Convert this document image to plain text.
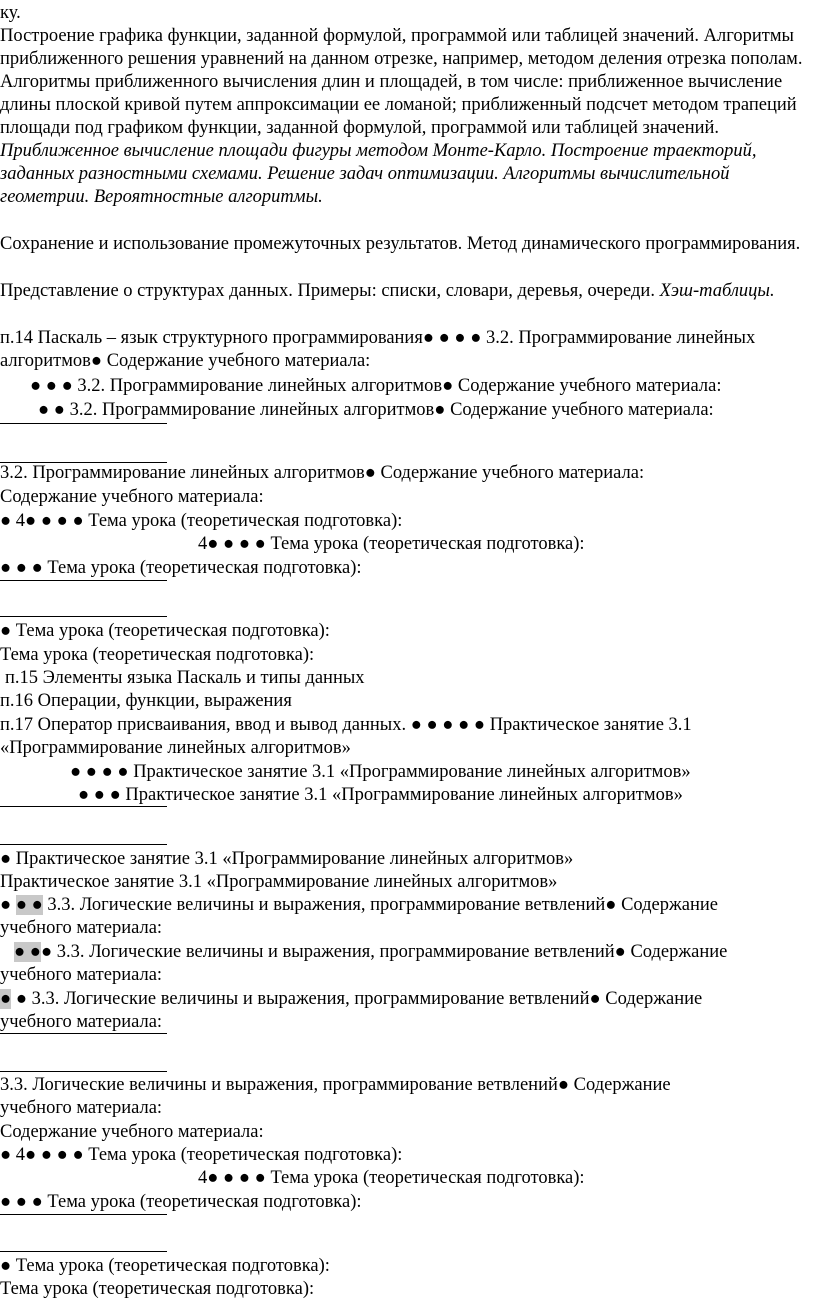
ку.
Построение графика функции, заданной формулой, программой или таблицей значений. Алгоритмы приближенного решения уравнений на данном отрезке, например, методом деления отрезка пополам. Алгоритмы приближенного вычисления длин и площадей, в том числе: приближенное вычисление длины плоской кривой путем аппроксимации ее ломаной; приближенный подсчет методом трапеций площади под графиком функции, заданной формулой, программой или таблицей значений. Приближенное вычисление площади фигуры методом Монте-Карло. Построение траекторий, заданных разностными схемами. Решение задач оптимизации. Алгоритмы вычислительной геометрии. Вероятностные алгоритмы.
Сохранение и использование промежуточных результатов. Метод динамического программирования.
Представление о структурах данных. Примеры: списки, словари, деревья, очереди. Хэш-таблицы.
п.14 Паскаль – язык структурного программирования● ● ● ● 3.2. Программирование линейных алгоритмов● Содержание учебного материала:
● ● ● 3.2. Программирование линейных алгоритмов● Содержание учебного материала:
● ● 3.2. Программирование линейных алгоритмов● Содержание учебного материала:
3.2. Программирование линейных алгоритмов● Содержание учебного материала:
Содержание учебного материала:
● 4● ● ● ● Тема урока (теоретическая подготовка):
4● ● ● ● Тема урока (теоретическая подготовка):
● ● ● Тема урока (теоретическая подготовка):
● Тема урока (теоретическая подготовка):
Тема урока (теоретическая подготовка):
п.15 Элементы языка Паскаль и типы данных
п.16 Операции, функции, выражения
п.17 Оператор присваивания, ввод и вывод данных. ● ● ● ● ● Практическое занятие 3.1
«Программирование линейных алгоритмов»
● ● ● ● Практическое занятие 3.1 «Программирование линейных алгоритмов»
● ● ● Практическое занятие 3.1 «Программирование линейных алгоритмов»
● Практическое занятие 3.1 «Программирование линейных алгоритмов»
Практическое занятие 3.1 «Программирование линейных алгоритмов»
● ● ● 3.3. Логические величины и выражения, программирование ветвлений● Содержание
учебного материала:
● ●● 3.3. Логические величины и выражения, программирование ветвлений● Содержание
учебного материала:
● ● 3.3. Логические величины и выражения, программирование ветвлений● Содержание
учебного материала:
3.3. Логические величины и выражения, программирование ветвлений● Содержание
учебного материала:
Содержание учебного материала:
● 4● ● ● ● Тема урока (теоретическая подготовка):
4● ● ● ● Тема урока (теоретическая подготовка):
● ● ● Тема урока (теоретическая подготовка):
● Тема урока (теоретическая подготовка):
Тема урока (теоретическая подготовка):
